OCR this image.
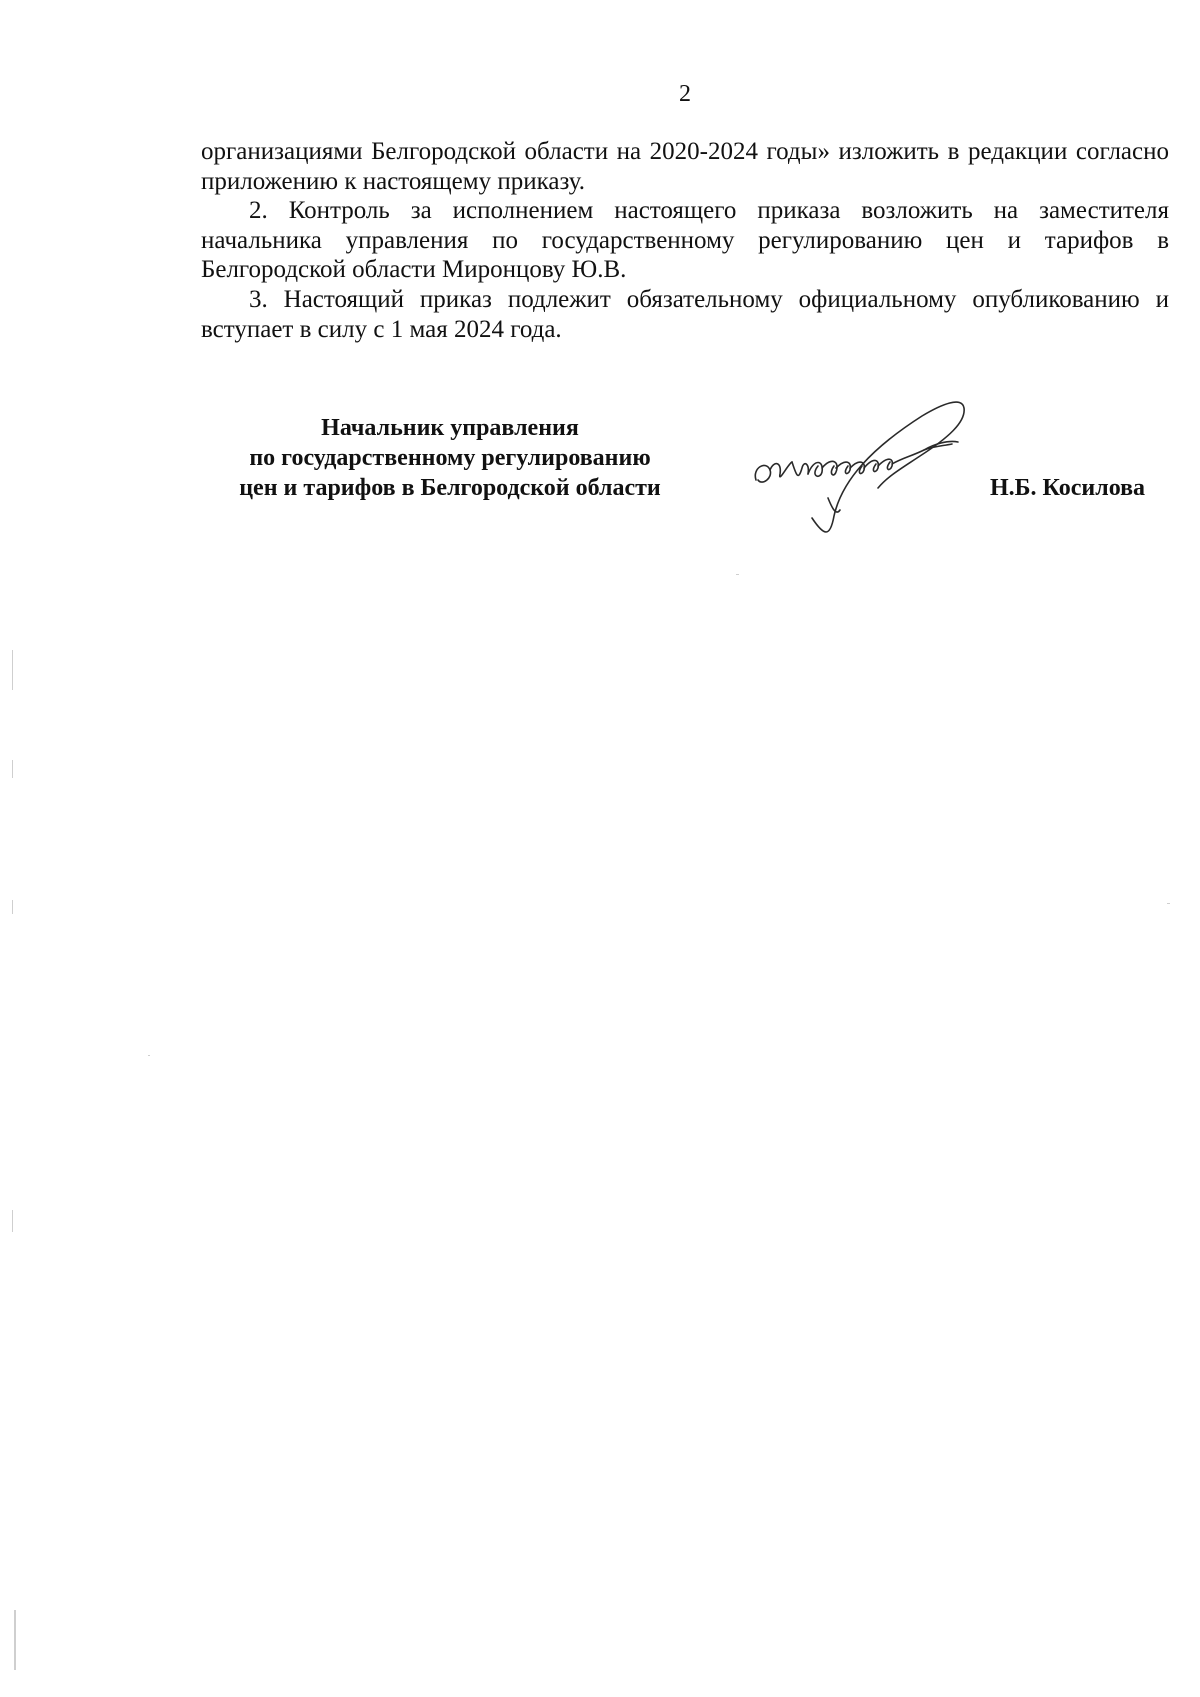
2

организациями Белгородской области на 2020-2024 годы» изложить в редакции согласно приложению к настоящему приказу.

2. Контроль за исполнением настоящего приказа возложить на заместителя начальника управления по государственному регулированию цен и тарифов в Белгородской области Миронцову Ю.В.

3. Настоящий приказ подлежит обязательному официальному опубликованию и вступает в силу с 1 мая 2024 года.

Начальник управления
по государственному регулированию
цен и тарифов в Белгородской области	Н.Б. Косилова
